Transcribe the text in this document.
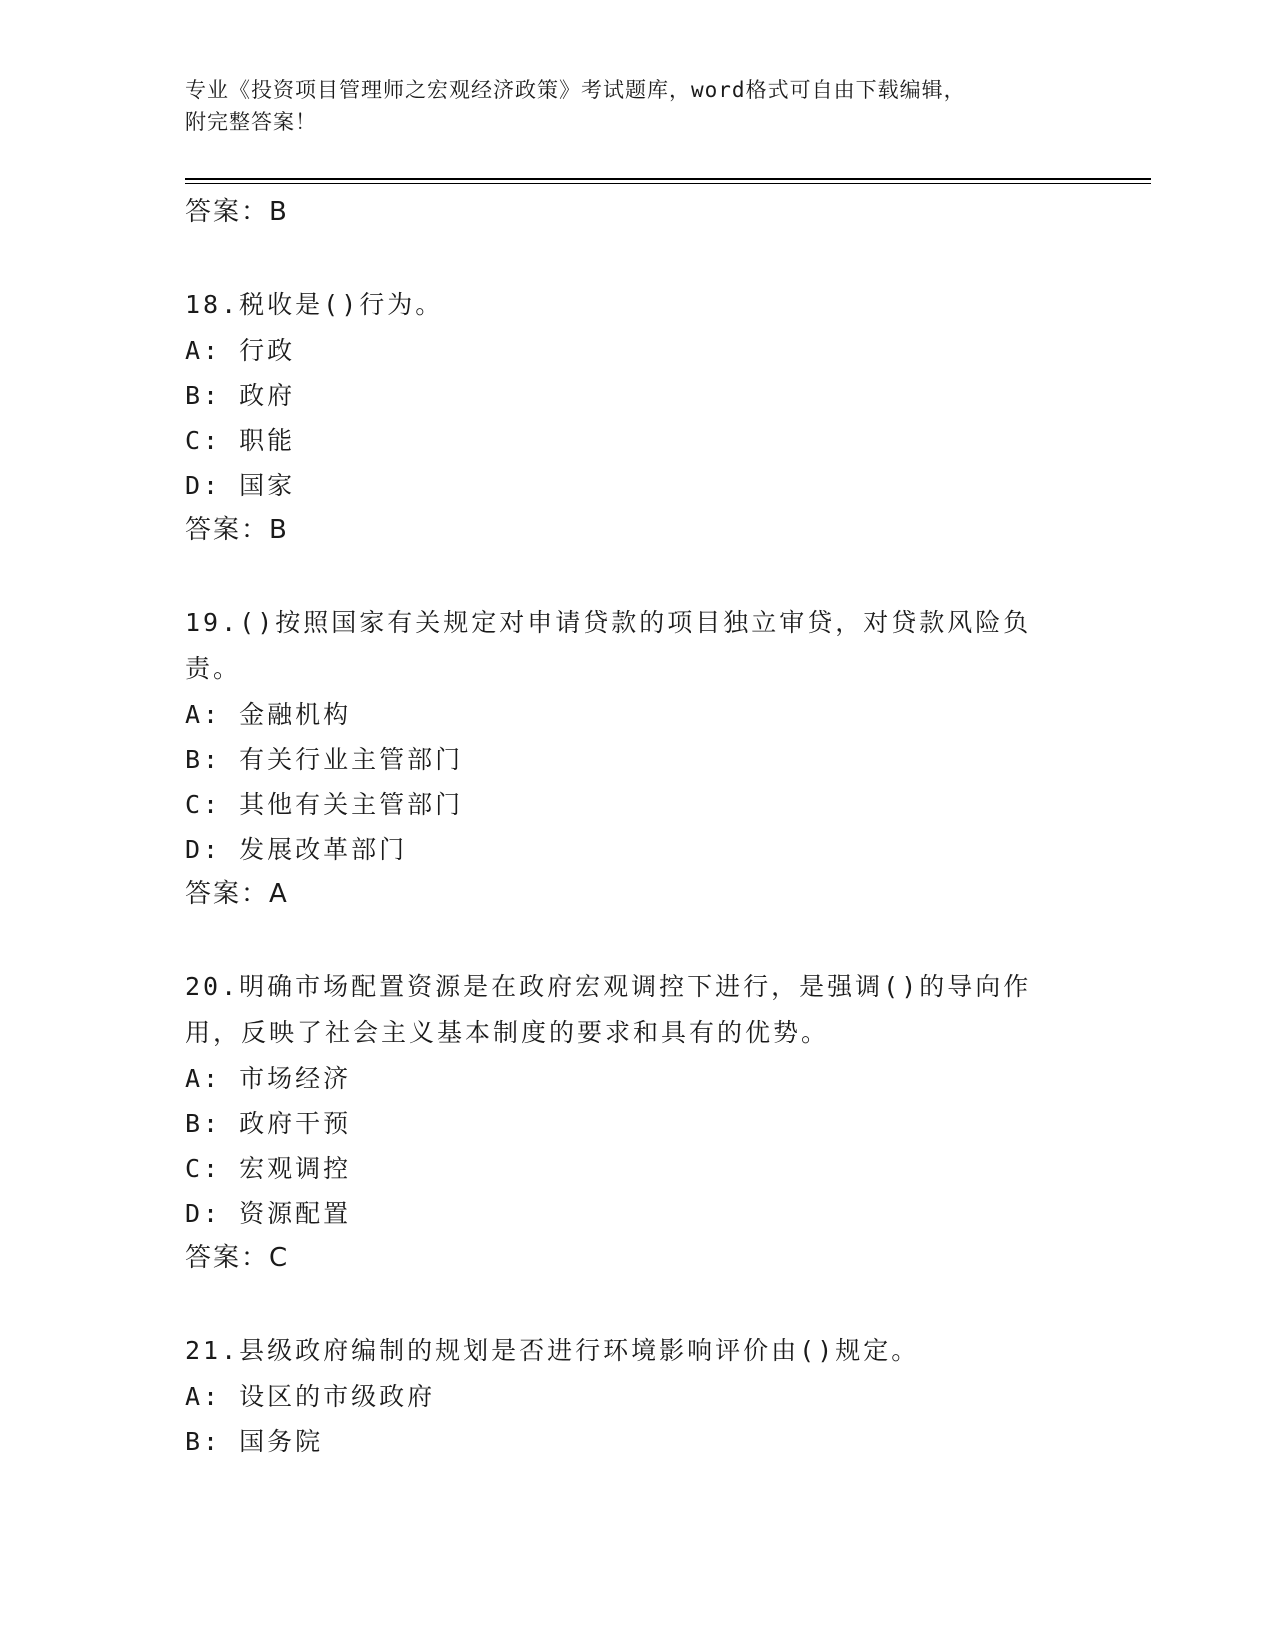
专业《投资项目管理师之宏观经济政策》考试题库，word格式可自由下载编辑，
附完整答案！
答案：B
18.税收是()行为。
A: 行政
B: 政府
C: 职能
D: 国家
答案：B
19.()按照国家有关规定对申请贷款的项目独立审贷，对贷款风险负责。
A: 金融机构
B: 有关行业主管部门
C: 其他有关主管部门
D: 发展改革部门
答案：A
20.明确市场配置资源是在政府宏观调控下进行，是强调()的导向作用，反映了社会主义基本制度的要求和具有的优势。
A: 市场经济
B: 政府干预
C: 宏观调控
D: 资源配置
答案：C
21.县级政府编制的规划是否进行环境影响评价由()规定。
A: 设区的市级政府
B: 国务院
